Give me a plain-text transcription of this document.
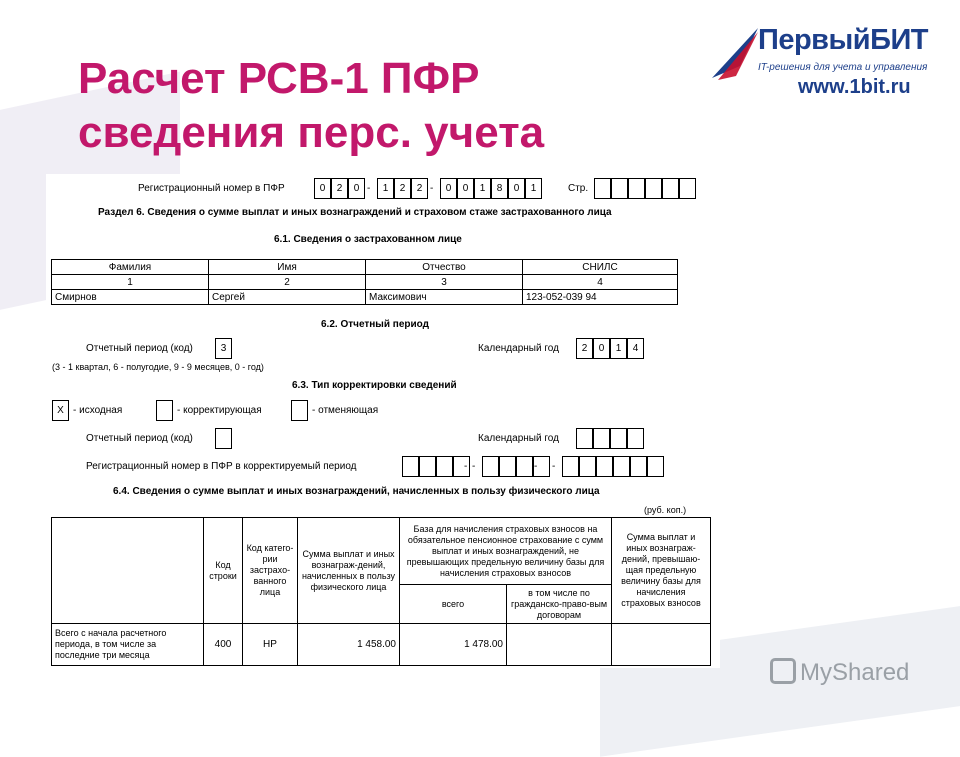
Расчет РСВ-1 ПФР
сведения перс. учета
ПервыйБИТ
IT-решения для учета и управления
www.1bit.ru
Регистрационный номер в ПФР	0	2	0 -	1	2	2 -	0	0	1	8	0	1	Стр.
Раздел 6. Сведения о сумме выплат и иных вознаграждений и страховом стаже застрахованного лица
6.1. Сведения о застрахованном лице
Фамилия	Имя	Отчество	СНИЛС
1	2	3	4
Смирнов	Сергей	Максимович	123-052-039 94
6.2. Отчетный период
Отчетный период (код)	3	Календарный год	2	0	1	4
(3 - 1 квартал, 6 - полугодие, 9 - 9 месяцев, 0 - год)
6.3. Тип корректировки сведений
X - исходная	- корректирующая	- отменяющая
Отчетный период (код)	Календарный год
Регистрационный номер в ПФР в корректируемый период	-	-
-	-
6.4. Сведения о сумме выплат и иных вознаграждений, начисленных в пользу физического лица
(руб. коп.)
	Код строки	Код катего-рии застрахо-ванного лица	Сумма выплат и иных вознаграж-дений, начисленных в пользу физического лица	База для начисления страховых взносов на обязательное пенсионное страхование с сумм выплат и иных вознаграждений, не превышающих предельную величину базы для начисления страховых взносов		Сумма выплат и иных вознаграж-дений, превышаю-щая предельную величину базы для начисления страховых взносов
				всего	в том числе по гражданско-право-вым договорам	
Всего с начала расчетного периода, в том числе за последние три месяца	400	НР	1 458.00	1 478.00		
MyShared
